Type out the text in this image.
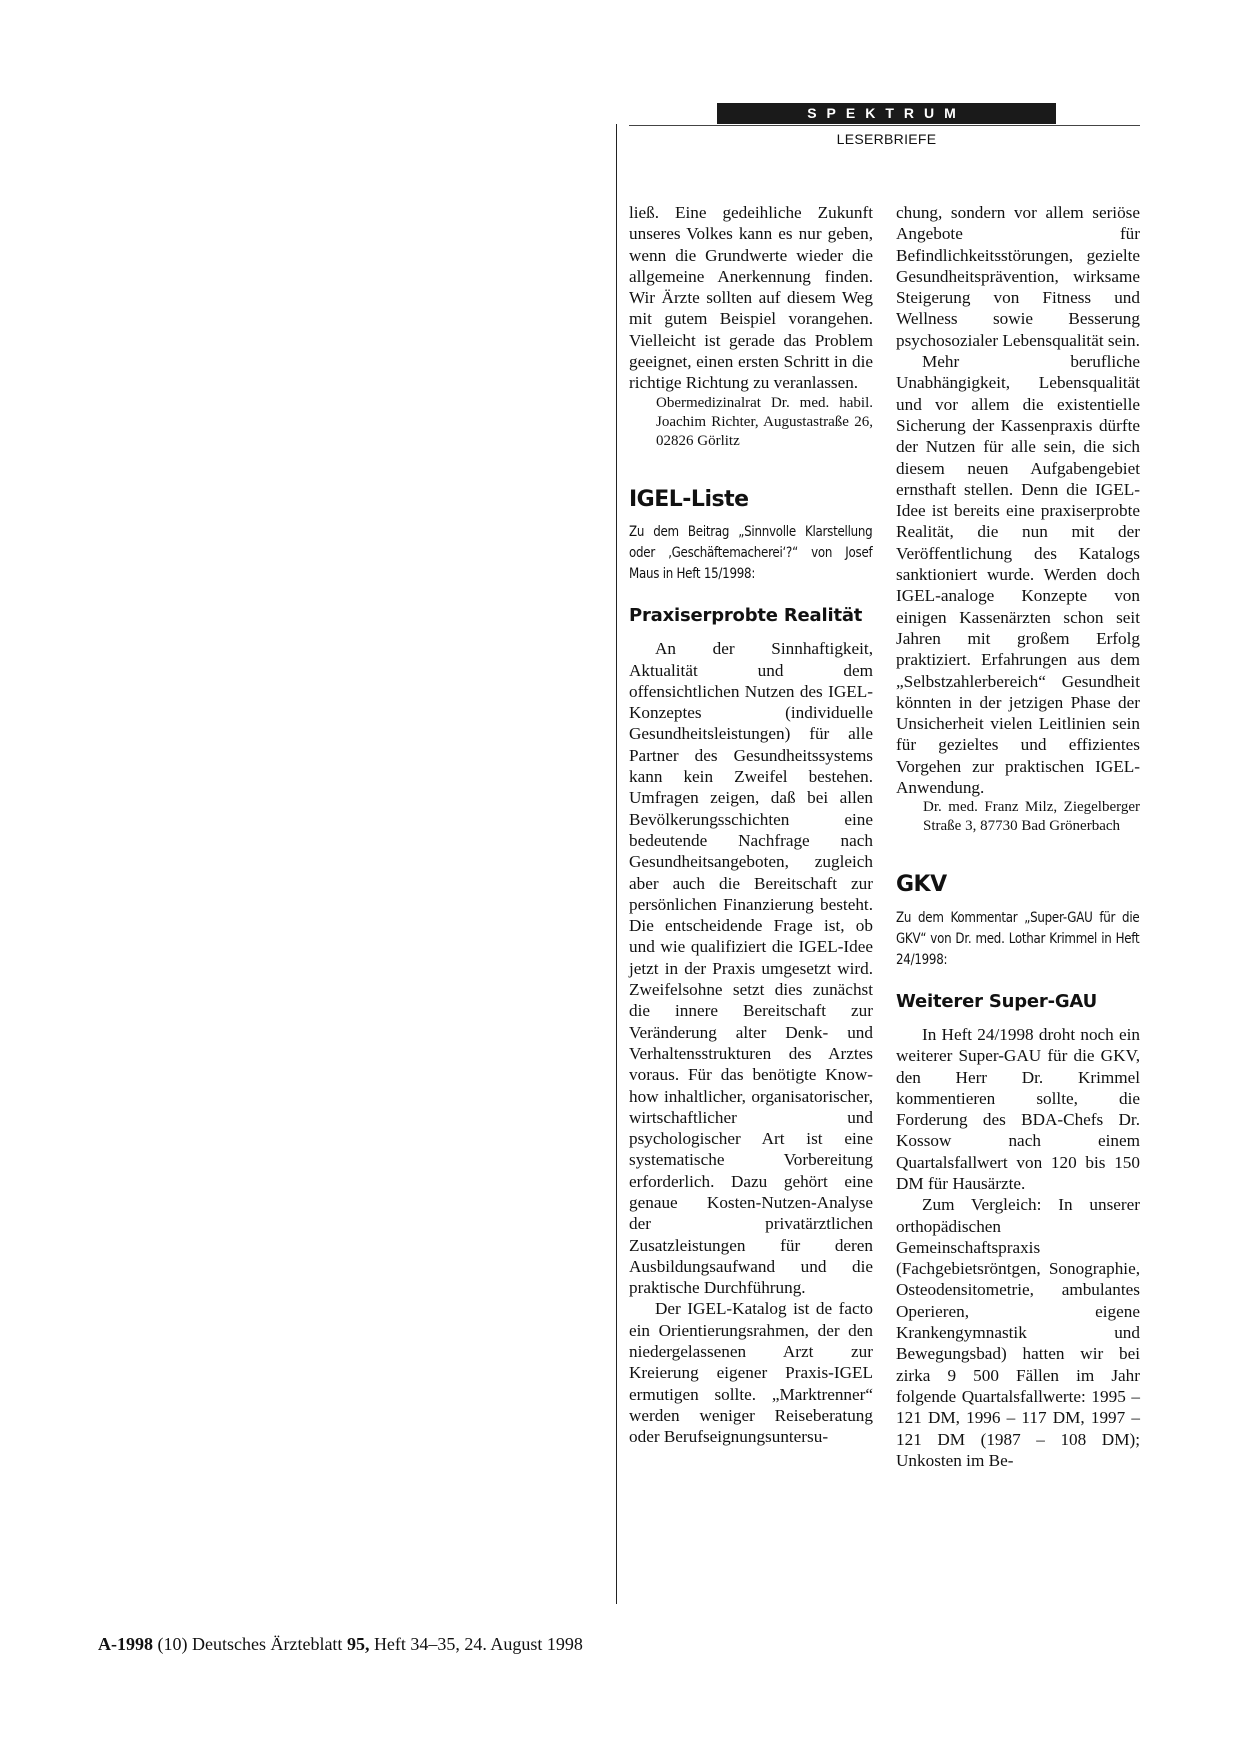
SPEKTRUM
LESERBRIEFE

ließ. Eine gedeihliche Zukunft unseres Volkes kann es nur geben, wenn die Grundwerte wieder die allgemeine Anerkennung finden. Wir Ärzte sollten auf diesem Weg mit gutem Beispiel vorangehen. Vielleicht ist gerade das Problem geeignet, einen ersten Schritt in die richtige Richtung zu veranlassen.

Obermedizinalrat Dr. med. habil. Joachim Richter, Augustastraße 26, 02826 Görlitz

IGEL-Liste

Zu dem Beitrag „Sinnvolle Klarstellung oder ‚Geschäftemacherei‘?“ von Josef Maus in Heft 15/1998:

Praxiserprobte Realität

An der Sinnhaftigkeit, Aktualität und dem offensichtlichen Nutzen des IGEL-Konzeptes (individuelle Gesundheitsleistungen) für alle Partner des Gesundheitssystems kann kein Zweifel bestehen. Umfragen zeigen, daß bei allen Bevölkerungsschichten eine bedeutende Nachfrage nach Gesundheitsangeboten, zugleich aber auch die Bereitschaft zur persönlichen Finanzierung besteht. Die entscheidende Frage ist, ob und wie qualifiziert die IGEL-Idee jetzt in der Praxis umgesetzt wird. Zweifelsohne setzt dies zunächst die innere Bereitschaft zur Veränderung alter Denk- und Verhaltensstrukturen des Arztes voraus. Für das benötigte Know-how inhaltlicher, organisatorischer, wirtschaftlicher und psychologischer Art ist eine systematische Vorbereitung erforderlich. Dazu gehört eine genaue Kosten-Nutzen-Analyse der privatärztlichen Zusatzleistungen für deren Ausbildungsaufwand und die praktische Durchführung.

Der IGEL-Katalog ist de facto ein Orientierungsrahmen, der den niedergelassenen Arzt zur Kreierung eigener Praxis-IGEL ermutigen sollte. „Marktrenner“ werden weniger Reiseberatung oder Berufseignungsuntersu-

chung, sondern vor allem seriöse Angebote für Befindlichkeitsstörungen, gezielte Gesundheitsprävention, wirksame Steigerung von Fitness und Wellness sowie Besserung psychosozialer Lebensqualität sein.

Mehr berufliche Unabhängigkeit, Lebensqualität und vor allem die existentielle Sicherung der Kassenpraxis dürfte der Nutzen für alle sein, die sich diesem neuen Aufgabengebiet ernsthaft stellen. Denn die IGEL-Idee ist bereits eine praxiserprobte Realität, die nun mit der Veröffentlichung des Katalogs sanktioniert wurde. Werden doch IGEL-analoge Konzepte von einigen Kassenärzten schon seit Jahren mit großem Erfolg praktiziert. Erfahrungen aus dem „Selbstzahlerbereich“ Gesundheit könnten in der jetzigen Phase der Unsicherheit vielen Leitlinien sein für gezieltes und effizientes Vorgehen zur praktischen IGEL-Anwendung.

Dr. med. Franz Milz, Ziegelberger Straße 3, 87730 Bad Grönerbach

GKV

Zu dem Kommentar „Super-GAU für die GKV“ von Dr. med. Lothar Krimmel in Heft 24/1998:

Weiterer Super-GAU

In Heft 24/1998 droht noch ein weiterer Super-GAU für die GKV, den Herr Dr. Krimmel kommentieren sollte, die Forderung des BDA-Chefs Dr. Kossow nach einem Quartalsfallwert von 120 bis 150 DM für Hausärzte.

Zum Vergleich: In unserer orthopädischen Gemeinschaftspraxis (Fachgebietsröntgen, Sonographie, Osteodensitometrie, ambulantes Operieren, eigene Krankengymnastik und Bewegungsbad) hatten wir bei zirka 9 500 Fällen im Jahr folgende Quartalsfallwerte: 1995 – 121 DM, 1996 – 117 DM, 1997 – 121 DM (1987 – 108 DM); Unkosten im Be-

A-1998 (10) Deutsches Ärzteblatt 95, Heft 34–35, 24. August 1998
